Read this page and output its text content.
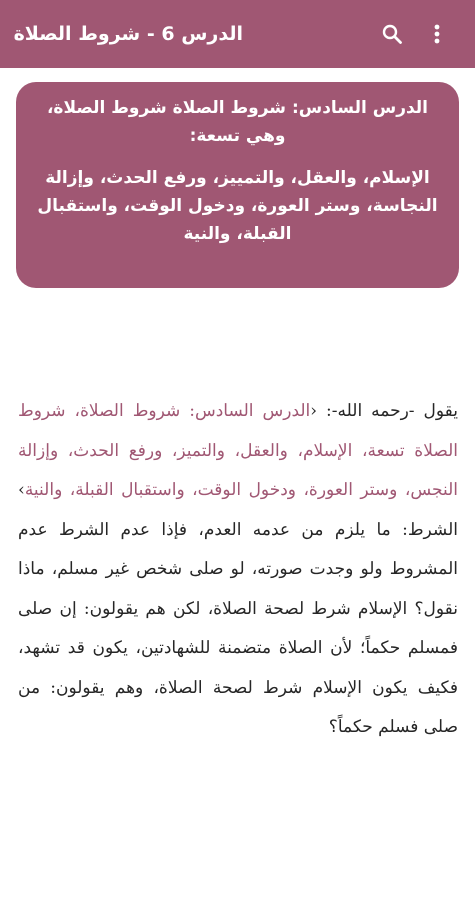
الدرس 6 - شروط الصلاة
الدرس السادس: شروط الصلاة شروط الصلاة، وهي تسعة:
الإسلام، والعقل، والتمييز، ورفع الحدث، وإزالة النجاسة، وستر العورة، ودخول الوقت، واستقبال القبلة، والنية
يقول -رحمه الله-: ‹الدرس السادس: شروط الصلاة، شروط الصلاة تسعة، الإسلام، والعقل، والتميز، ورفع الحدث، وإزالة النجس، وستر العورة، ودخول الوقت، واستقبال القبلة، والنية› الشرط: ما يلزم من عدمه العدم، فإذا عدم الشرط عدم المشروط ولو وجدت صورته، لو صلى شخص غير مسلم، ماذا نقول؟ الإسلام شرط لصحة الصلاة، لكن هم يقولون: إن صلى فمسلم حكماً؛ لأن الصلاة متضمنة للشهادتين، يكون قد تشهد، فكيف يكون الإسلام شرط لصحة الصلاة، وهم يقولون: من صلى فسلم حكماً؟
